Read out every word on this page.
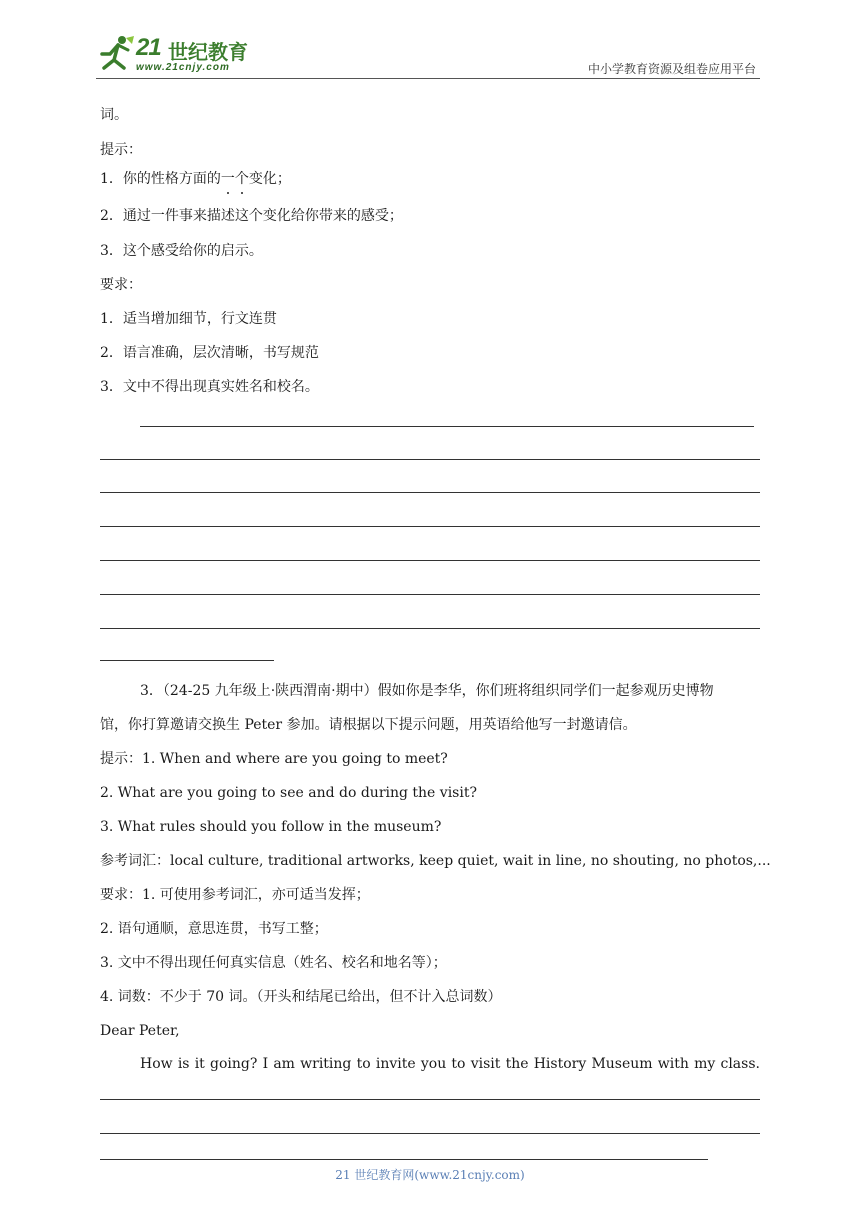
21 世纪教育
www.21cnjy.com	中小学教育资源及组卷应用平台

词。

提示：

1．你的性格方面的一个变化；

2．通过一件事来描述这个变化给你带来的感受；

3．这个感受给你的启示。

要求：

1．适当增加细节，行文连贯

2．语言准确，层次清晰，书写规范

3．文中不得出现真实姓名和校名。

3．（24-25 九年级上·陕西渭南·期中）假如你是李华，你们班将组织同学们一起参观历史博物

馆，你打算邀请交换生 Peter 参加。请根据以下提示问题，用英语给他写一封邀请信。

提示：1. When and where are you going to meet?

2. What are you going to see and do during the visit?

3. What rules should you follow in the museum?

参考词汇：local culture, traditional artworks, keep quiet, wait in line, no shouting, no photos,...

要求：1. 可使用参考词汇，亦可适当发挥；

2. 语句通顺，意思连贯，书写工整；

3. 文中不得出现任何真实信息（姓名、校名和地名等）；

4. 词数：不少于 70 词。（开头和结尾已给出，但不计入总词数）

Dear Peter,

How is it going? I am writing to invite you to visit the History Museum with my class.
21 世纪教育网(www.21cnjy.com)
